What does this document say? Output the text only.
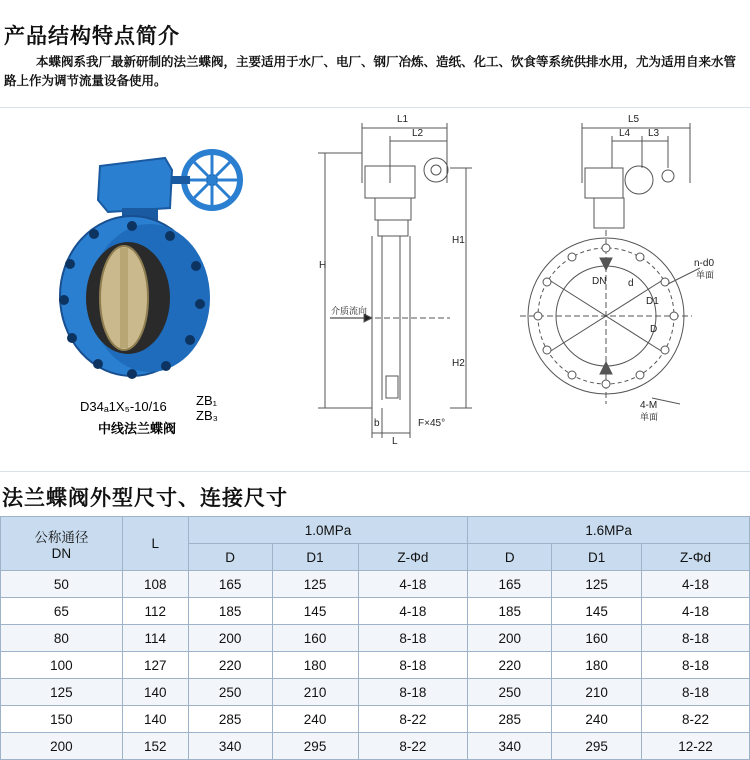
产品结构特点简介
本蝶阀系我厂最新研制的法兰蝶阀，主要适用于水厂、电厂、钢厂冶炼、造纸、化工、饮食等系统供排水用，尤为适用自来水管路上作为调节流量设备使用。
D34ₐ1X₅-10/16 ZB₁
ZB₃
中线法兰蝶阀
L1
L2
H
H1
H2
介质流向
b
L
F×45°
L5
L4 L3
DN d
D1
D
n-d0
单面
4-M
单面
法兰蝶阀外型尺寸、连接尺寸
公称通径
DN	L	1.0MPa			1.6MPa		
		D	D1	Z-Φd	D	D1	Z-Φd
50	108	165	125	4-18	165	125	4-18
65	112	185	145	4-18	185	145	4-18
80	114	200	160	8-18	200	160	8-18
100	127	220	180	8-18	220	180	8-18
125	140	250	210	8-18	250	210	8-18
150	140	285	240	8-22	285	240	8-22
200	152	340	295	8-22	340	295	12-22
